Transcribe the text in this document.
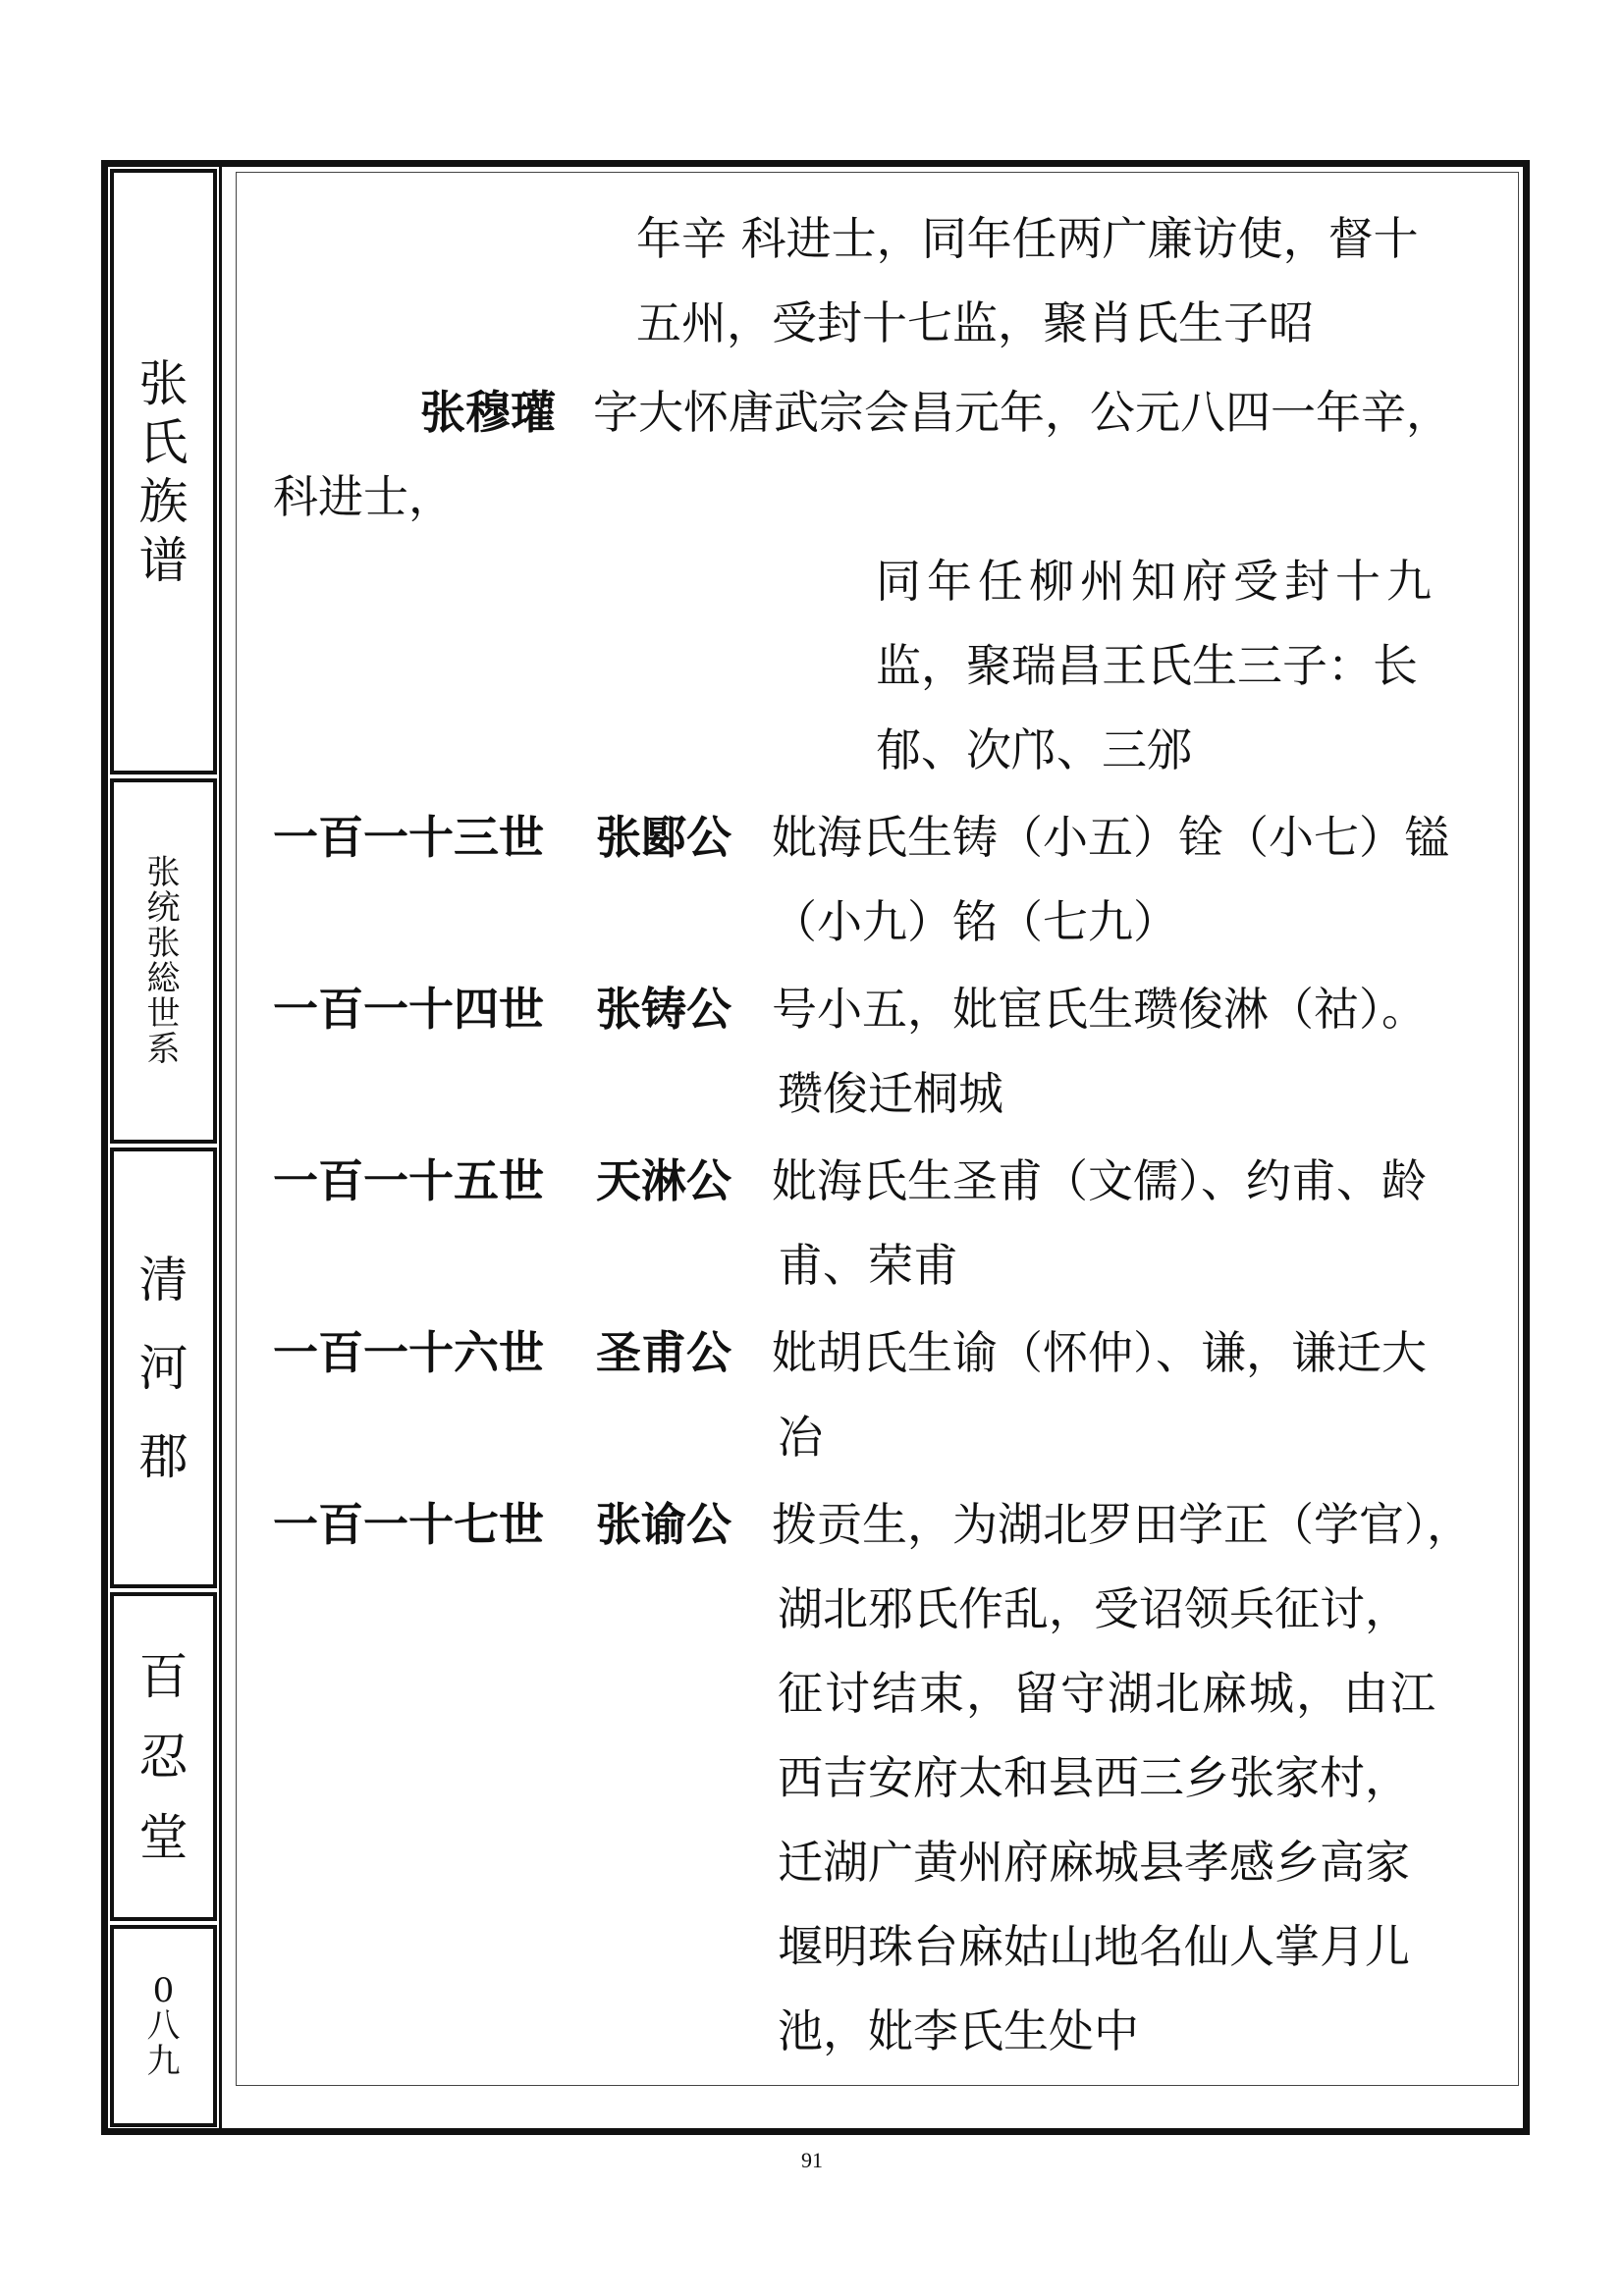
张
氏
族
谱
张
统
张
総
世
系
清
河
郡
百
忍
堂
0
八
九
年辛 科进士，同年任两广廉访使，督十
五州，受封十七监，聚肖氏生子昭
张穆瓘 字大怀唐武宗会昌元年，公元八四一年辛，
科进士，
同年任柳州知府受封十九
监，聚瑞昌王氏生三子：长
郁、次邝、三邠
一百一十三世 张郾公 妣海氏生铸（小五）铨（小七）镒
（小九）铭（七九）
一百一十四世 张铸公 号小五，妣宦氏生瓒俊淋（祜）。
瓒俊迁桐城
一百一十五世 天淋公 妣海氏生圣甫（文儒）、约甫、龄
甫、荣甫
一百一十六世 圣甫公 妣胡氏生谕（怀仲）、谦，谦迁大
冶
一百一十七世 张谕公 拨贡生，为湖北罗田学正（学官），
湖北邪氏作乱，受诏领兵征讨，
征讨结束，留守湖北麻城，由江
西吉安府太和县西三乡张家村，
迁湖广黄州府麻城县孝感乡高家
堰明珠台麻姑山地名仙人掌月儿
池，妣李氏生处中
91
